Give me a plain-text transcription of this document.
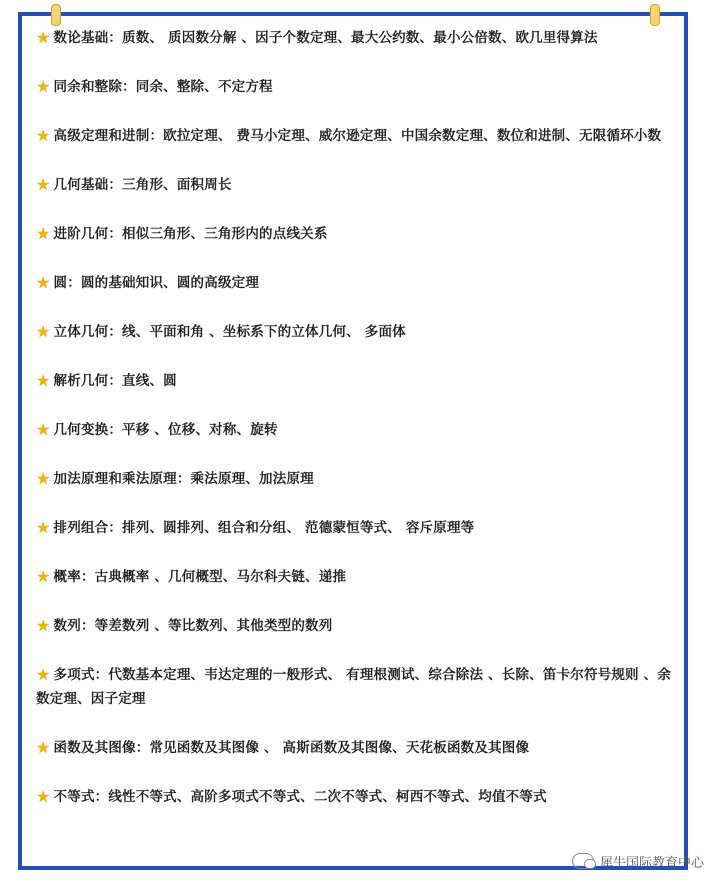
★ 数论基础：质数、 质因数分解 、因子个数定理、最大公约数、最小公倍数、欧几里得算法
★ 同余和整除：同余、整除、不定方程
★ 高级定理和进制：欧拉定理、 费马小定理、威尔逊定理、中国余数定理、数位和进制、无限循环小数
★ 几何基础：三角形、面积周长
★ 进阶几何：相似三角形、三角形内的点线关系
★ 圆：圆的基础知识、圆的高级定理
★ 立体几何：线、平面和角 、坐标系下的立体几何、 多面体
★ 解析几何：直线、圆
★ 几何变换：平移 、位移、对称、旋转
★ 加法原理和乘法原理：乘法原理、加法原理
★ 排列组合：排列、圆排列、组合和分组、 范德蒙恒等式、 容斥原理等
★ 概率：古典概率 、几何概型、马尔科夫链、递推
★ 数列：等差数列 、等比数列、其他类型的数列
★ 多项式：代数基本定理、韦达定理的一般形式、 有理根测试、综合除法 、长除、笛卡尔符号规则 、余数定理、因子定理
★ 函数及其图像：常见函数及其图像 、 高斯函数及其图像、天花板函数及其图像
★ 不等式：线性不等式、高阶多项式不等式、二次不等式、柯西不等式、均值不等式
犀牛国际教育中心
